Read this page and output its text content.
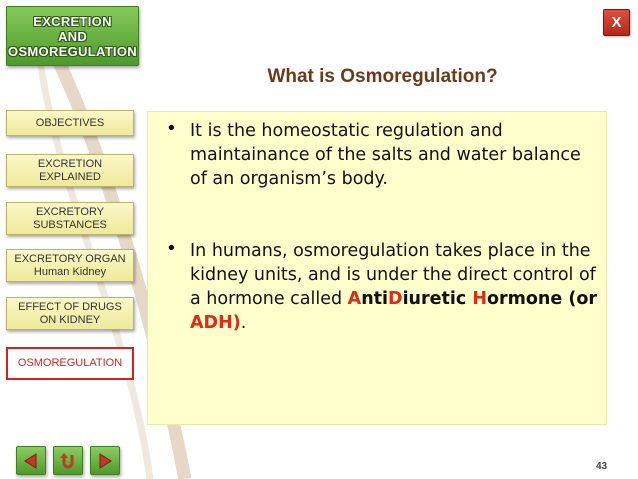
EXCRETION
AND
OSMOREGULATION
X
OBJECTIVES
EXCRETION
EXPLAINED
EXCRETORY
SUBSTANCES
EXCRETORY ORGAN
Human Kidney
EFFECT OF DRUGS
ON KIDNEY
OSMOREGULATION
What is Osmoregulation?
• It is the homeostatic regulation and maintainance of the salts and water balance of an organism’s body.
• In humans, osmoregulation takes place in the kidney units, and is under the direct control of a hormone called AntiDiuretic Hormone (or ADH).
43
